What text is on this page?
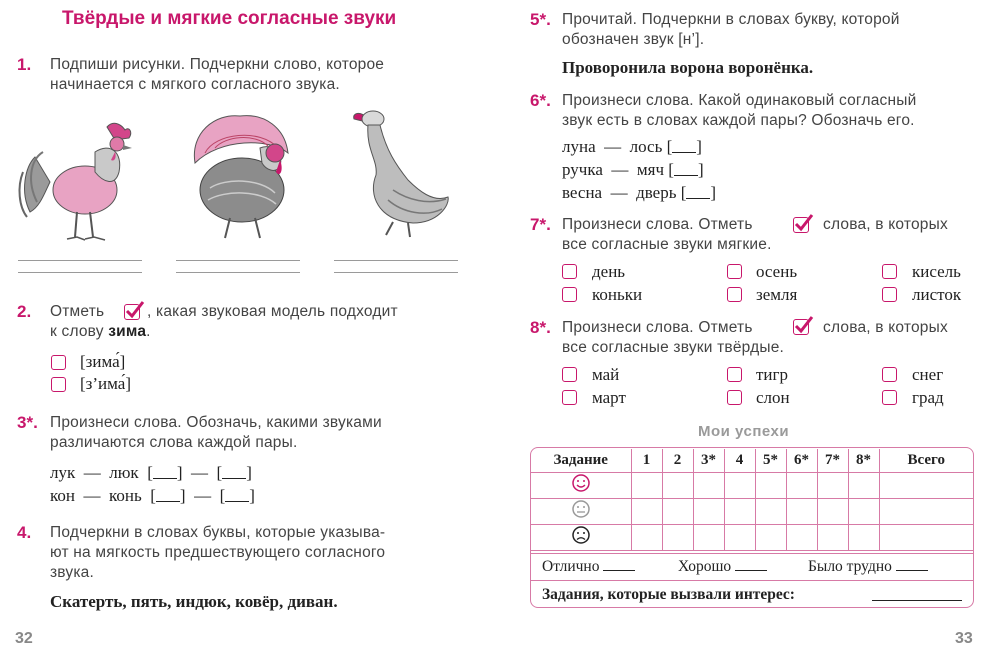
Твёрдые и мягкие согласные звуки
1. Подпиши рисунки. Подчеркни слово, которое
начинается с мягкого согласного звука.
2. Отметь	, какая звуковая модель подходит
к слову зима.
[зима́]
[з’има́]
3*. Произнеси слова. Обозначь, какими звуками
различаются слова каждой пары.
лук — люк  [ ]  —  [ ]
кон — конь  [ ]  —  [ ]
4. Подчеркни в словах буквы, которые указыва-
ют на мягкость предшествующего согласного
звука.
Скатерть, пять, индюк, ковёр, диван.
32
5*. Прочитай. Подчеркни в словах букву, которой
обозначен звук [н’].
Проворонила ворона воронёнка.
6*. Произнеси слова. Какой одинаковый согласный
звук есть в словах каждой пары? Обозначь его.
луна — лось [ ]
ручка — мяч [ ]
весна — дверь [ ]
7*. Произнеси слова. Отметь	слова, в которых
все согласные звуки мягкие.
день	осень	кисель
коньки	земля	листок
8*. Произнеси слова. Отметь	слова, в которых
все согласные звуки твёрдые.
май	тигр	снег
март	слон	град
Мои успехи
Задание	1	2	3*	4	5*	6*	7*	8*	Всего

Отлично	Хорошо	Было трудно
Задания, которые вызвали интерес:
33
